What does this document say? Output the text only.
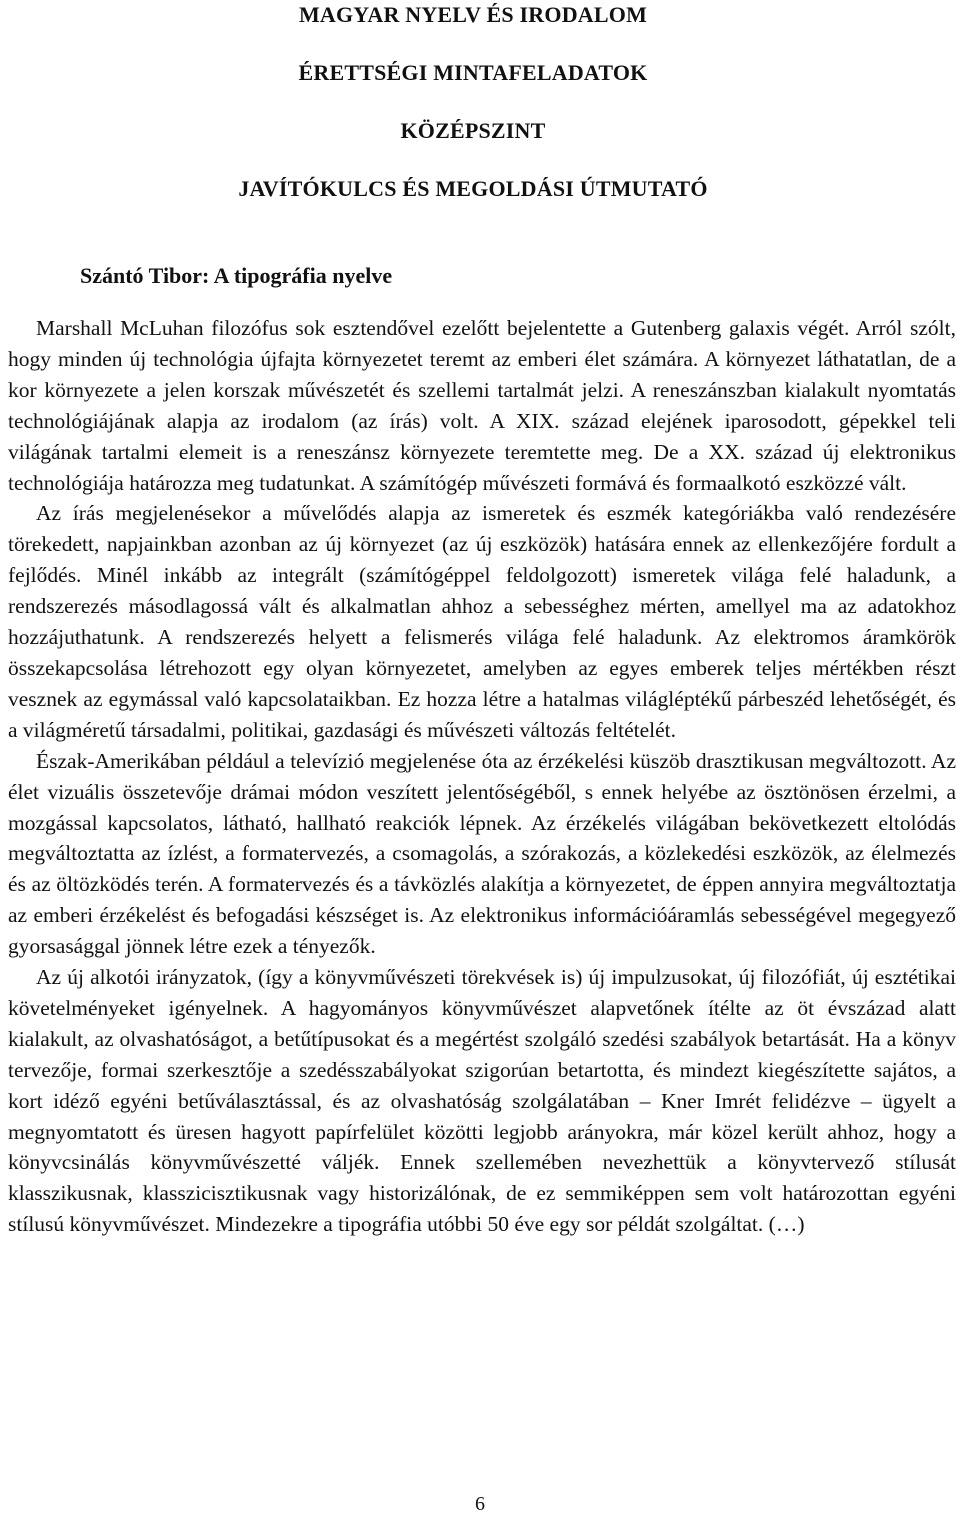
MAGYAR NYELV ÉS IRODALOM
ÉRETTSÉGI MINTAFELADATOK
KÖZÉPSZINT
JAVÍTÓKULCS ÉS MEGOLDÁSI ÚTMUTATÓ
Szántó Tibor: A tipográfia nyelve

Marshall McLuhan filozófus sok esztendővel ezelőtt bejelentette a Gutenberg galaxis végét. Arról szólt, hogy minden új technológia újfajta környezetet teremt az emberi élet számára. A környezet láthatatlan, de a kor környezete a jelen korszak művészetét és szellemi tartalmát jelzi. A reneszánszban kialakult nyomtatás technológiájának alapja az irodalom (az írás) volt. A XIX. század elejének iparosodott, gépekkel teli világának tartalmi elemeit is a reneszánsz környezete teremtette meg. De a XX. század új elektronikus technológiája határozza meg tudatunkat. A számítógép művészeti formává és formaalkotó eszközzé vált.

Az írás megjelenésekor a művelődés alapja az ismeretek és eszmék kategóriákba való rendezésére törekedett, napjainkban azonban az új környezet (az új eszközök) hatására ennek az ellenkezőjére fordult a fejlődés. Minél inkább az integrált (számítógéppel feldolgozott) ismeretek világa felé haladunk, a rendszerezés másodlagossá vált és alkalmatlan ahhoz a sebességhez mérten, amellyel ma az adatokhoz hozzájuthatunk. A rendszerezés helyett a felismerés világa felé haladunk. Az elektromos áramkörök összekapcsolása létrehozott egy olyan környezetet, amelyben az egyes emberek teljes mértékben részt vesznek az egymással való kapcsolataikban. Ez hozza létre a hatalmas világléptékű párbeszéd lehetőségét, és a világméretű társadalmi, politikai, gazdasági és művészeti változás feltételét.

Észak-Amerikában például a televízió megjelenése óta az érzékelési küszöb drasztikusan megváltozott. Az élet vizuális összetevője drámai módon veszített jelentőségéből, s ennek helyébe az ösztönösen érzelmi, a mozgással kapcsolatos, látható, hallható reakciók lépnek. Az érzékelés világában bekövetkezett eltolódás megváltoztatta az ízlést, a formatervezés, a csomagolás, a szórakozás, a közlekedési eszközök, az élelmezés és az öltözködés terén. A formatervezés és a távközlés alakítja a környezetet, de éppen annyira megváltoztatja az emberi érzékelést és befogadási készséget is. Az elektronikus információáramlás sebességével megegyező gyorsasággal jönnek létre ezek a tényezők.

Az új alkotói irányzatok, (így a könyvművészeti törekvések is) új impulzusokat, új filozófiát, új esztétikai követelményeket igényelnek. A hagyományos könyvművészet alapvetőnek ítélte az öt évszázad alatt kialakult, az olvashatóságot, a betűtípusokat és a megértést szolgáló szedési szabályok betartását. Ha a könyv tervezője, formai szerkesztője a szedésszabályokat szigorúan betartotta, és mindezt kiegészítette sajátos, a kort idéző egyéni betűválasztással, és az olvashatóság szolgálatában – Kner Imrét felidézve – ügyelt a megnyomtatott és üresen hagyott papírfelület közötti legjobb arányokra, már közel került ahhoz, hogy a könyvcsinálás könyvművészetté váljék. Ennek szellemében nevezhettük a könyvtervező stílusát klasszikusnak, klasszicisztikusnak vagy historizálónak, de ez semmiképpen sem volt határozottan egyéni stílusú könyvművészet. Mindezekre a tipográfia utóbbi 50 éve egy sor példát szolgáltat. (…)

6
